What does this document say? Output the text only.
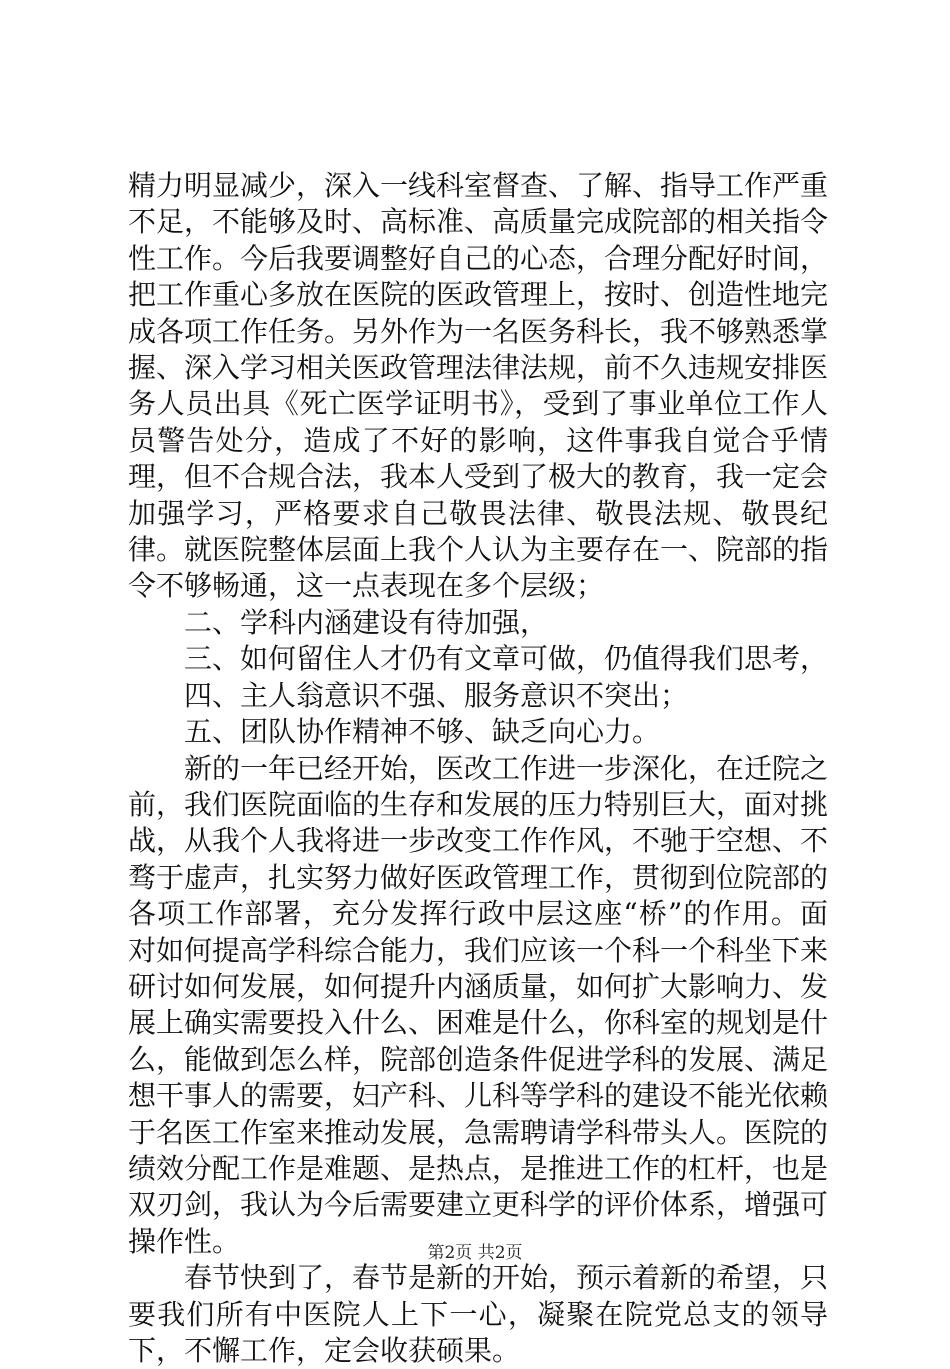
精力明显减少，深入一线科室督查、了解、指导工作严重不足，不能够及时、高标准、高质量完成院部的相关指令性工作。今后我要调整好自己的心态，合理分配好时间，把工作重心多放在医院的医政管理上，按时、创造性地完成各项工作任务。另外作为一名医务科长，我不够熟悉掌握、深入学习相关医政管理法律法规，前不久违规安排医务人员出具《死亡医学证明书》，受到了事业单位工作人员警告处分，造成了不好的影响，这件事我自觉合乎情理，但不合规合法，我本人受到了极大的教育，我一定会加强学习，严格要求自己敬畏法律、敬畏法规、敬畏纪律。就医院整体层面上我个人认为主要存在一、院部的指令不够畅通，这一点表现在多个层级；

二、学科内涵建设有待加强，

三、如何留住人才仍有文章可做，仍值得我们思考，

四、主人翁意识不强、服务意识不突出；

五、团队协作精神不够、缺乏向心力。

新的一年已经开始，医改工作进一步深化，在迁院之前，我们医院面临的生存和发展的压力特别巨大，面对挑战，从我个人我将进一步改变工作作风，不驰于空想、不骛于虚声，扎实努力做好医政管理工作，贯彻到位院部的各项工作部署，充分发挥行政中层这座“桥”的作用。面对如何提高学科综合能力，我们应该一个科一个科坐下来研讨如何发展，如何提升内涵质量，如何扩大影响力、发展上确实需要投入什么、困难是什么，你科室的规划是什么，能做到怎么样，院部创造条件促进学科的发展、满足想干事人的需要，妇产科、儿科等学科的建设不能光依赖于名医工作室来推动发展，急需聘请学科带头人。医院的绩效分配工作是难题、是热点，是推进工作的杠杆，也是双刃剑，我认为今后需要建立更科学的评价体系，增强可操作性。

春节快到了，春节是新的开始，预示着新的希望，只要我们所有中医院人上下一心，凝聚在院党总支的领导下，不懈工作，定会收获硕果。

第2页 共2页
